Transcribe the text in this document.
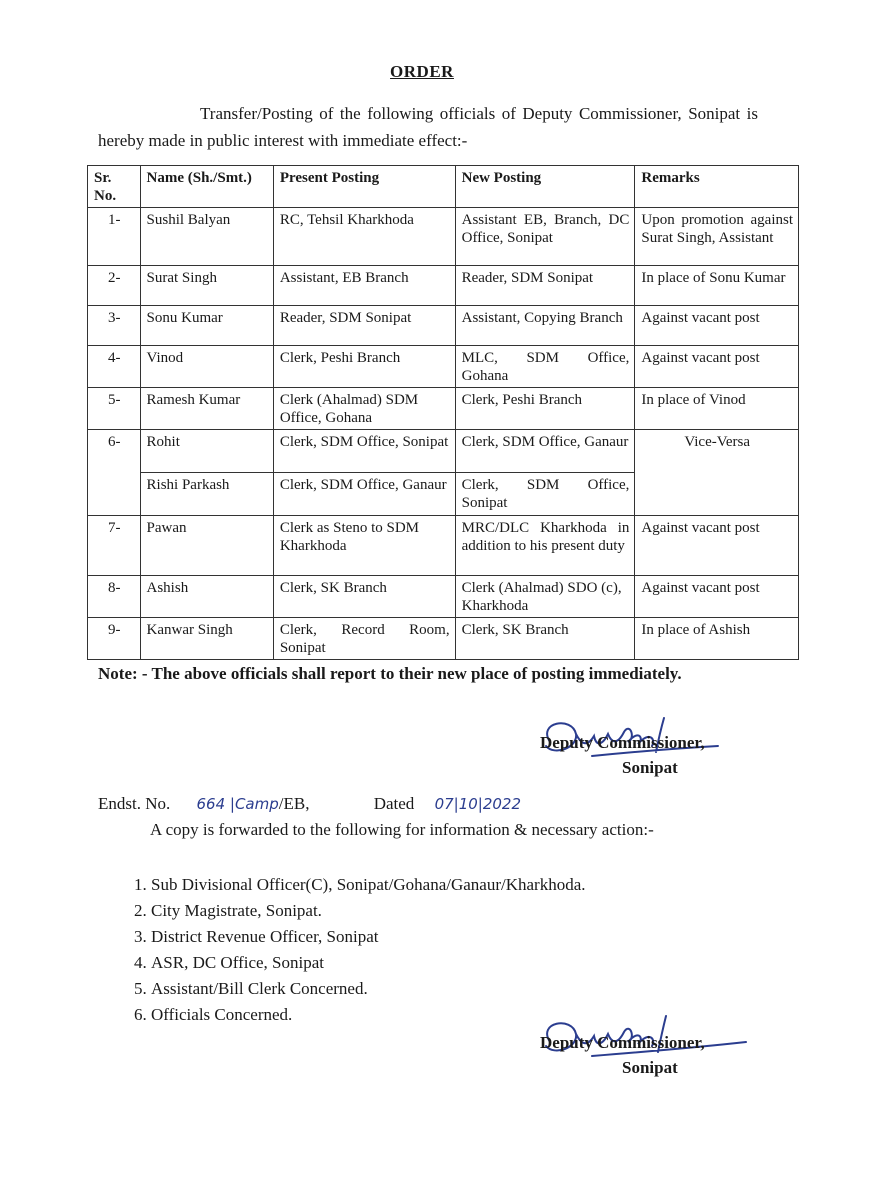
ORDER
Transfer/Posting of the following officials of Deputy Commissioner, Sonipat is hereby made in public interest with immediate effect:-
Sr. No.	Name (Sh./Smt.)	Present Posting	New Posting	Remarks
1-	Sushil Balyan	RC, Tehsil Kharkhoda	Assistant EB, Branch, DC Office, Sonipat	Upon promotion against Surat Singh, Assistant
2-	Surat Singh	Assistant, EB Branch	Reader, SDM Sonipat	In place of Sonu Kumar
3-	Sonu Kumar	Reader, SDM Sonipat	Assistant, Copying Branch	Against vacant post
4-	Vinod	Clerk, Peshi Branch	MLC, SDM Office, Gohana	Against vacant post
5-	Ramesh Kumar	Clerk (Ahalmad) SDM Office, Gohana	Clerk, Peshi Branch	In place of Vinod
6-	Rohit	Clerk, SDM Office, Sonipat	Clerk, SDM Office, Ganaur	Vice-Versa
	Rishi Parkash	Clerk, SDM Office, Ganaur	Clerk, SDM Office, Sonipat	
7-	Pawan	Clerk as Steno to SDM Kharkhoda	MRC/DLC Kharkhoda in addition to his present duty	Against vacant post
8-	Ashish	Clerk, SK Branch	Clerk (Ahalmad) SDO (c), Kharkhoda	Against vacant post
9-	Kanwar Singh	Clerk, Record Room, Sonipat	Clerk, SK Branch	In place of Ashish
Note: - The above officials shall report to their new place of posting immediately.
Deputy Commissioner,
Sonipat
Endst. No. 664 |Camp/EB,	Dated 07|10|2022
A copy is forwarded to the following for information & necessary action:-
1. Sub Divisional Officer(C), Sonipat/Gohana/Ganaur/Kharkhoda.
2. City Magistrate, Sonipat.
3. District Revenue Officer, Sonipat
4. ASR, DC Office, Sonipat
5. Assistant/Bill Clerk Concerned.
6. Officials Concerned.
Deputy Commissioner,
Sonipat
